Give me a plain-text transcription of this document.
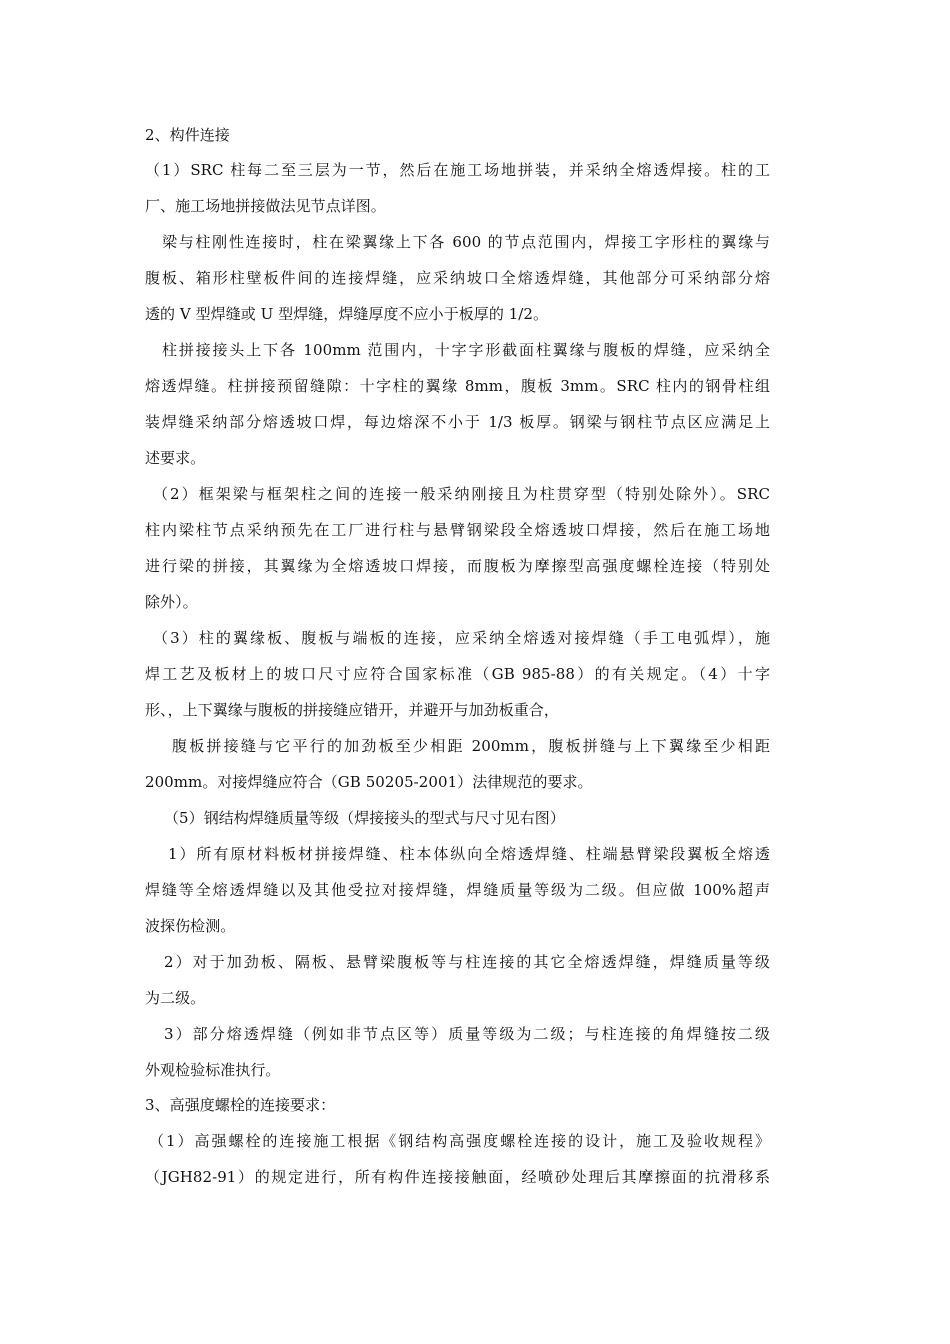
2、构件连接
（1）SRC 柱每二至三层为一节，然后在施工场地拼装，并采纳全熔透焊接。柱的工
厂、施工场地拼接做法见节点详图。
梁与柱刚性连接时，柱在梁翼缘上下各 600 的节点范围内，焊接工字形柱的翼缘与
腹板、箱形柱壁板件间的连接焊缝，应采纳坡口全熔透焊缝，其他部分可采纳部分熔
透的 V 型焊缝或 U 型焊缝，焊缝厚度不应小于板厚的 1/2。
柱拼接接头上下各 100mm 范围内，十字字形截面柱翼缘与腹板的焊缝，应采纳全
熔透焊缝。柱拼接预留缝隙：十字柱的翼缘 8mm，腹板 3mm。SRC 柱内的钢骨柱组
装焊缝采纳部分熔透坡口焊，每边熔深不小于 1/3 板厚。钢梁与钢柱节点区应满足上
述要求。
（2）框架梁与框架柱之间的连接一般采纳刚接且为柱贯穿型（特别处除外）。SRC
柱内梁柱节点采纳预先在工厂进行柱与悬臂钢梁段全熔透坡口焊接，然后在施工场地
进行梁的拼接，其翼缘为全熔透坡口焊接，而腹板为摩擦型高强度螺栓连接（特别处
除外）。
（3）柱的翼缘板、腹板与端板的连接，应采纳全熔透对接焊缝（手工电弧焊），施
焊工艺及板材上的坡口尺寸应符合国家标准（GB 985-88）的有关规定。（4）十字
形、，上下翼缘与腹板的拼接缝应错开，并避开与加劲板重合，
腹板拼接缝与它平行的加劲板至少相距 200mm，腹板拼缝与上下翼缘至少相距
200mm。对接焊缝应符合（GB 50205-2001）法律规范的要求。
（5）钢结构焊缝质量等级（焊接接头的型式与尺寸见右图）
1）所有原材料板材拼接焊缝、柱本体纵向全熔透焊缝、柱端悬臂梁段翼板全熔透
焊缝等全熔透焊缝以及其他受拉对接焊缝，焊缝质量等级为二级。但应做 100%超声
波探伤检测。
2）对于加劲板、隔板、悬臂梁腹板等与柱连接的其它全熔透焊缝，焊缝质量等级
为二级。
3）部分熔透焊缝（例如非节点区等）质量等级为二级；与柱连接的角焊缝按二级
外观检验标准执行。
3、高强度螺栓的连接要求：
（1）高强螺栓的连接施工根据《钢结构高强度螺栓连接的设计，施工及验收规程》
（JGH82-91）的规定进行，所有构件连接接触面，经喷砂处理后其摩擦面的抗滑移系
